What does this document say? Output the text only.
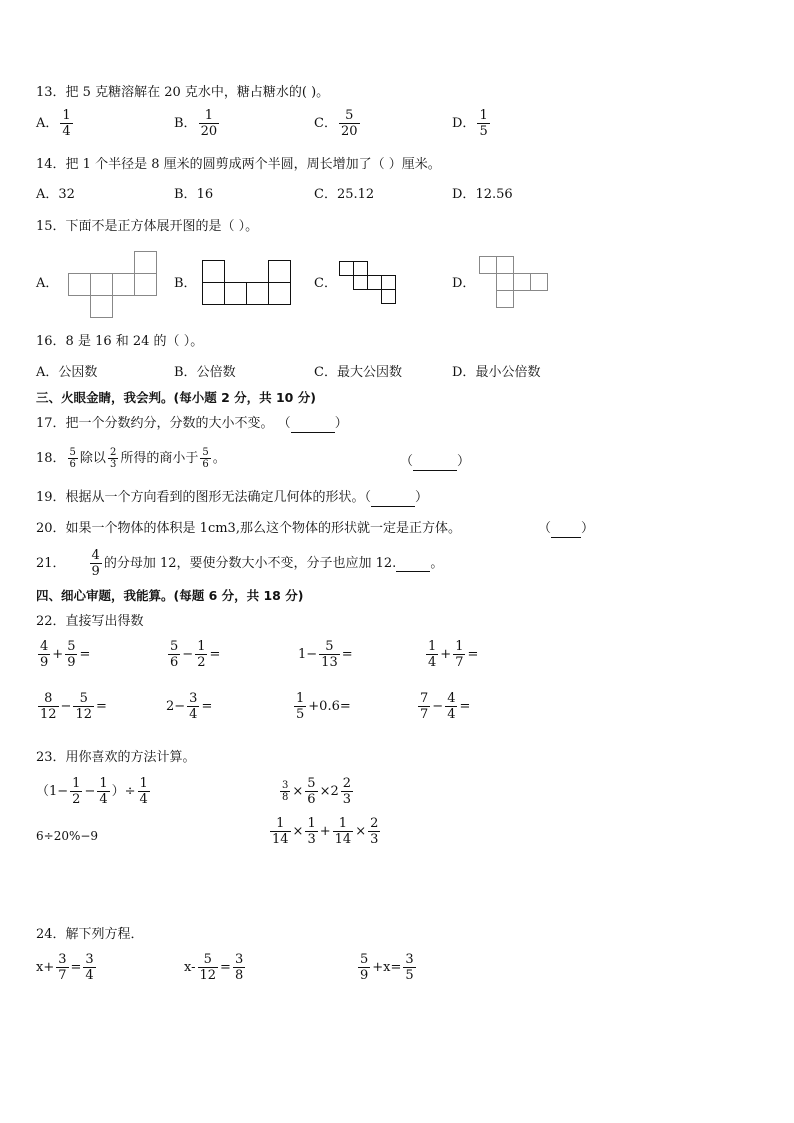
13．把 5 克糖溶解在 20 克水中，糖占糖水的( )。
A． 1
4
B． 1
20
C． 5
20
D． 1
5
14．把 1 个半径是 8 厘米的圆剪成两个半圆，周长增加了（ ）厘米。
A．32	B．16	C．25.12	D．12.56
15．下面不是正方体展开图的是（ ）。
A．	B．	C．	D．
16．8 是 16 和 24 的（ ）。
A．公因数	B．公倍数	C．最大公因数	D．最小公倍数
三、火眼金睛，我会判。(每小题 2 分，共 10 分)
17．把一个分数约分，分数的大小不变。 （	）
18． 5
6 除以 2
3 所得的商小于 5
6 。	（	）
19．根据从一个方向看到的图形无法确定几何体的形状。（	）
20．如果一个物体的体积是 1cm3,那么这个物体的形状就一定是正方体。	（ ）
21． 4
9
的分母加 12，要使分数大小不变，分子也应加 12.
	。
四、细心审题，我能算。(每题 6 分，共 18 分)
22．直接写出得数
4
9
+ $\frac{5}{9}$ =	5
6
− $\frac{1}{2}$ =	$1- \frac{5}{13}$ =	1
4
+ $\frac{1}{7}$ =
8
12
− $\frac{5}{12}$ =	$2- \frac{3}{4}$ =	1
5
+0.6=	7
7
− $\frac{4}{4}$ =
23．用你喜欢的方法计算。
（$1- \frac{1}{2} - \frac{1}{4}$ ）÷ $\frac{1}{4}$	$\frac{3}{8} \times \frac{5}{6} \times 2$ 2
3
6÷20%−9	$\frac{1}{14} \times \frac{1}{3} + \frac{1}{14} \times \frac{2}{3}$
24．解下列方程．
$x+ \frac{3}{7} = \frac{3}{4}$	$x- \frac{5}{12} = \frac{3}{8}$	5
9
$+x= \frac{3}{5}$
